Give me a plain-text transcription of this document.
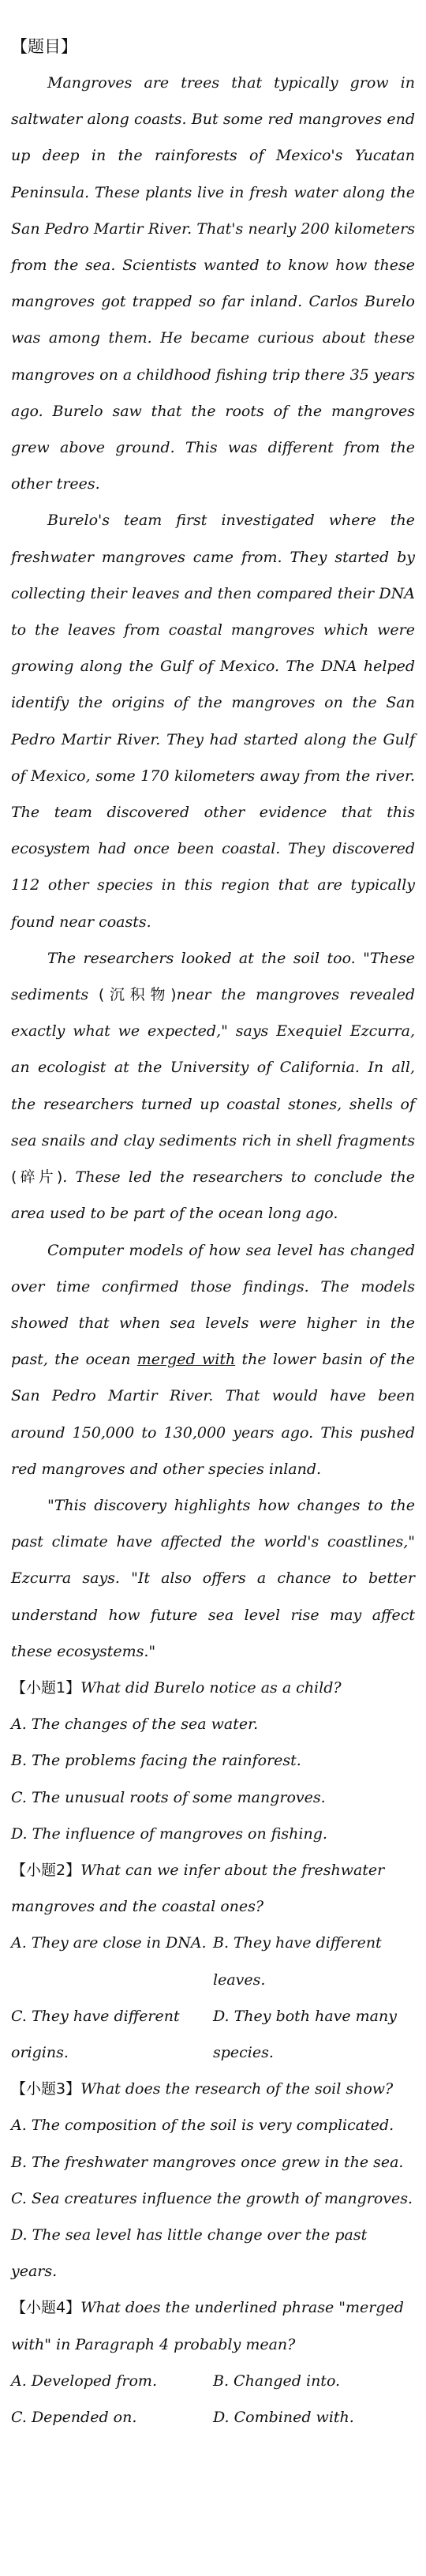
【题目】

Mangroves are trees that typically grow in saltwater along coasts. But some red mangroves end up deep in the rainforests of Mexico's Yucatan Peninsula. These plants live in fresh water along the San Pedro Martir River. That's nearly 200 kilometers from the sea. Scientists wanted to know how these mangroves got trapped so far inland. Carlos Burelo was among them. He became curious about these mangroves on a childhood fishing trip there 35 years ago. Burelo saw that the roots of the mangroves grew above ground. This was different from the other trees.

Burelo's team first investigated where the freshwater mangroves came from. They started by collecting their leaves and then compared their DNA to the leaves from coastal mangroves which were growing along the Gulf of Mexico. The DNA helped identify the origins of the mangroves on the San Pedro Martir River. They had started along the Gulf of Mexico, some 170 kilometers away from the river. The team discovered other evidence that this ecosystem had once been coastal. They discovered 112 other species in this region that are typically found near coasts.

The researchers looked at the soil too. "These sediments (沉积物)near the mangroves revealed exactly what we expected," says Exequiel Ezcurra, an ecologist at the University of California. In all, the researchers turned up coastal stones, shells of sea snails and clay sediments rich in shell fragments (碎片). These led the researchers to conclude the area used to be part of the ocean long ago.

Computer models of how sea level has changed over time confirmed those findings. The models showed that when sea levels were higher in the past, the ocean merged with the lower basin of the San Pedro Martir River. That would have been around 150,000 to 130,000 years ago. This pushed red mangroves and other species inland.

"This discovery highlights how changes to the past climate have affected the world's coastlines," Ezcurra says. "It also offers a chance to better understand how future sea level rise may affect these ecosystems."

【小题1】What did Burelo notice as a child?

A. The changes of the sea water.

B. The problems facing the rainforest.

C. The unusual roots of some mangroves.

D. The influence of mangroves on fishing.

【小题2】What can we infer about the freshwater mangroves and the coastal ones?

A. They are close in DNA. B. They have different leaves.

C. They have different origins.

D. They both have many species.

【小题3】What does the research of the soil show?

A. The composition of the soil is very complicated.

B. The freshwater mangroves once grew in the sea.

C. Sea creatures influence the growth of mangroves.

D. The sea level has little change over the past years.

【小题4】What does the underlined phrase "merged with" in Paragraph 4 probably mean?

A. Developed from.	B. Changed into.

C. Depended on.	D. Combined with.
